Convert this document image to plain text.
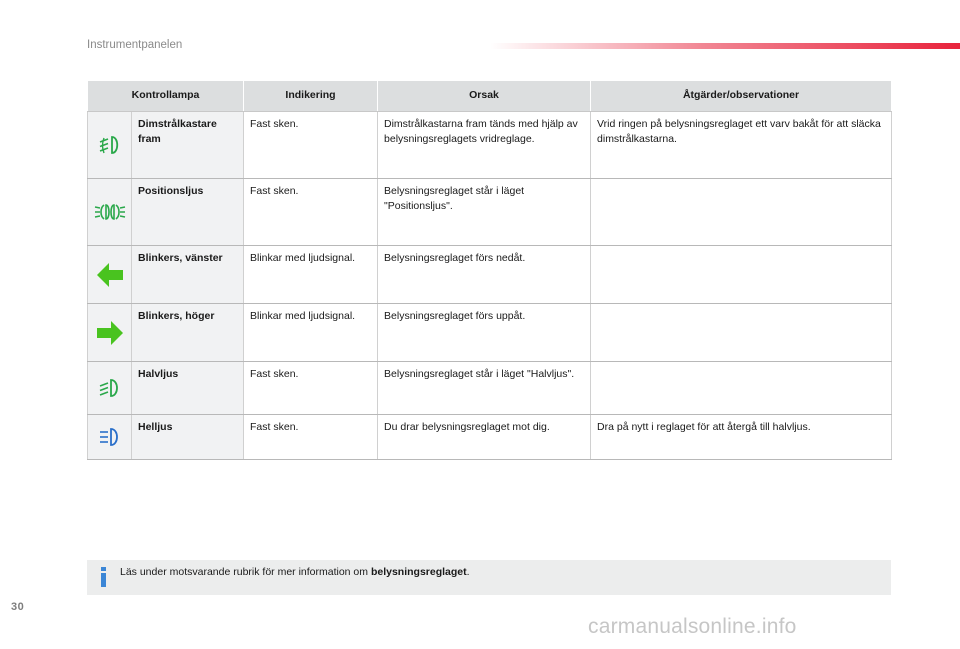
Instrumentpanelen
Kontrollampa		Indikering	Orsak	Åtgärder/observationer

	Dimstrålkastare fram	Fast sken.	Dimstrålkastarna fram tänds med hjälp av belysningsreglagets vridreglage.	Vrid ringen på belysningsreglaget ett varv bakåt för att släcka dimstrålkastarna.

	Positionsljus	Fast sken.	Belysningsreglaget står i läget "Positionsljus".	

	Blinkers, vänster	Blinkar med ljudsignal.	Belysningsreglaget förs nedåt.	

	Blinkers, höger	Blinkar med ljudsignal.	Belysningsreglaget förs uppåt.	

	Halvljus	Fast sken.	Belysningsreglaget står i läget "Halvljus".	

	Helljus	Fast sken.	Du drar belysningsreglaget mot dig.	Dra på nytt i reglaget för att återgå till halvljus.
Läs under motsvarande rubrik för mer information om belysningsreglaget.
30
carmanualsonline.info
